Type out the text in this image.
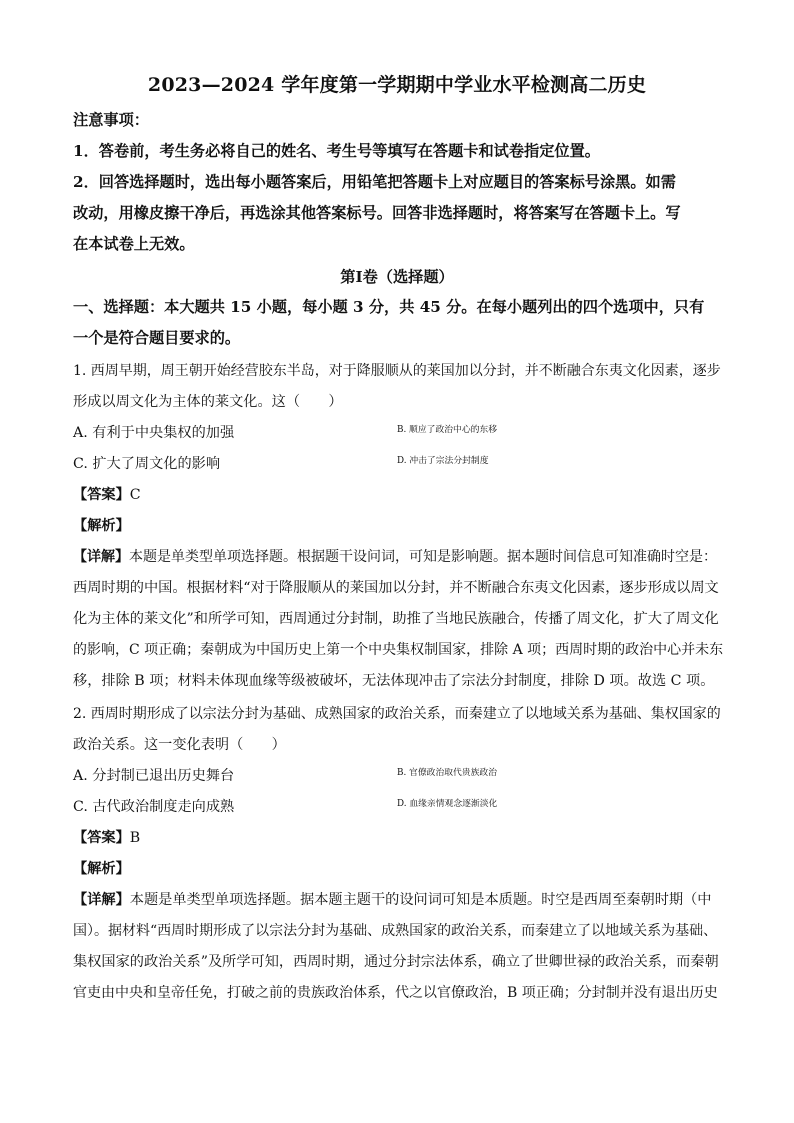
2023—2024 学年度第一学期期中学业水平检测高二历史
注意事项：
1．答卷前，考生务必将自己的姓名、考生号等填写在答题卡和试卷指定位置。
2．回答选择题时，选出每小题答案后，用铅笔把答题卡上对应题目的答案标号涂黑。如需
改动，用橡皮擦干净后，再选涂其他答案标号。回答非选择题时，将答案写在答题卡上。写
在本试卷上无效。
第Ⅰ卷（选择题）
一、选择题：本大题共 15 小题，每小题 3 分，共 45 分。在每小题列出的四个选项中，只有
一个是符合题目要求的。
1. 西周早期，周王朝开始经营胶东半岛，对于降服顺从的莱国加以分封，并不断融合东夷文化因素，逐步
形成以周文化为主体的莱文化。这（　　）
A. 有利于中央集权的加强	B. 顺应了政治中心的东移
C. 扩大了周文化的影响	D. 冲击了宗法分封制度
【答案】C
【解析】
【详解】本题是单类型单项选择题。根据题干设问词，可知是影响题。据本题时间信息可知准确时空是：
西周时期的中国。根据材料“对于降服顺从的莱国加以分封，并不断融合东夷文化因素，逐步形成以周文
化为主体的莱文化”和所学可知，西周通过分封制，助推了当地民族融合，传播了周文化，扩大了周文化
的影响，C 项正确；秦朝成为中国历史上第一个中央集权制国家，排除 A 项；西周时期的政治中心并未东
移，排除 B 项；材料未体现血缘等级被破坏，无法体现冲击了宗法分封制度，排除 D 项。故选 C 项。
2. 西周时期形成了以宗法分封为基础、成熟国家的政治关系，而秦建立了以地域关系为基础、集权国家的
政治关系。这一变化表明（　　）
A. 分封制已退出历史舞台	B. 官僚政治取代贵族政治
C. 古代政治制度走向成熟	D. 血缘亲情观念逐渐淡化
【答案】B
【解析】
【详解】本题是单类型单项选择题。据本题主题干的设问词可知是本质题。时空是西周至秦朝时期（中
国）。据材料“西周时期形成了以宗法分封为基础、成熟国家的政治关系，而秦建立了以地域关系为基础、
集权国家的政治关系”及所学可知，西周时期，通过分封宗法体系，确立了世卿世禄的政治关系，而秦朝
官吏由中央和皇帝任免，打破之前的贵族政治体系，代之以官僚政治，B 项正确；分封制并没有退出历史
